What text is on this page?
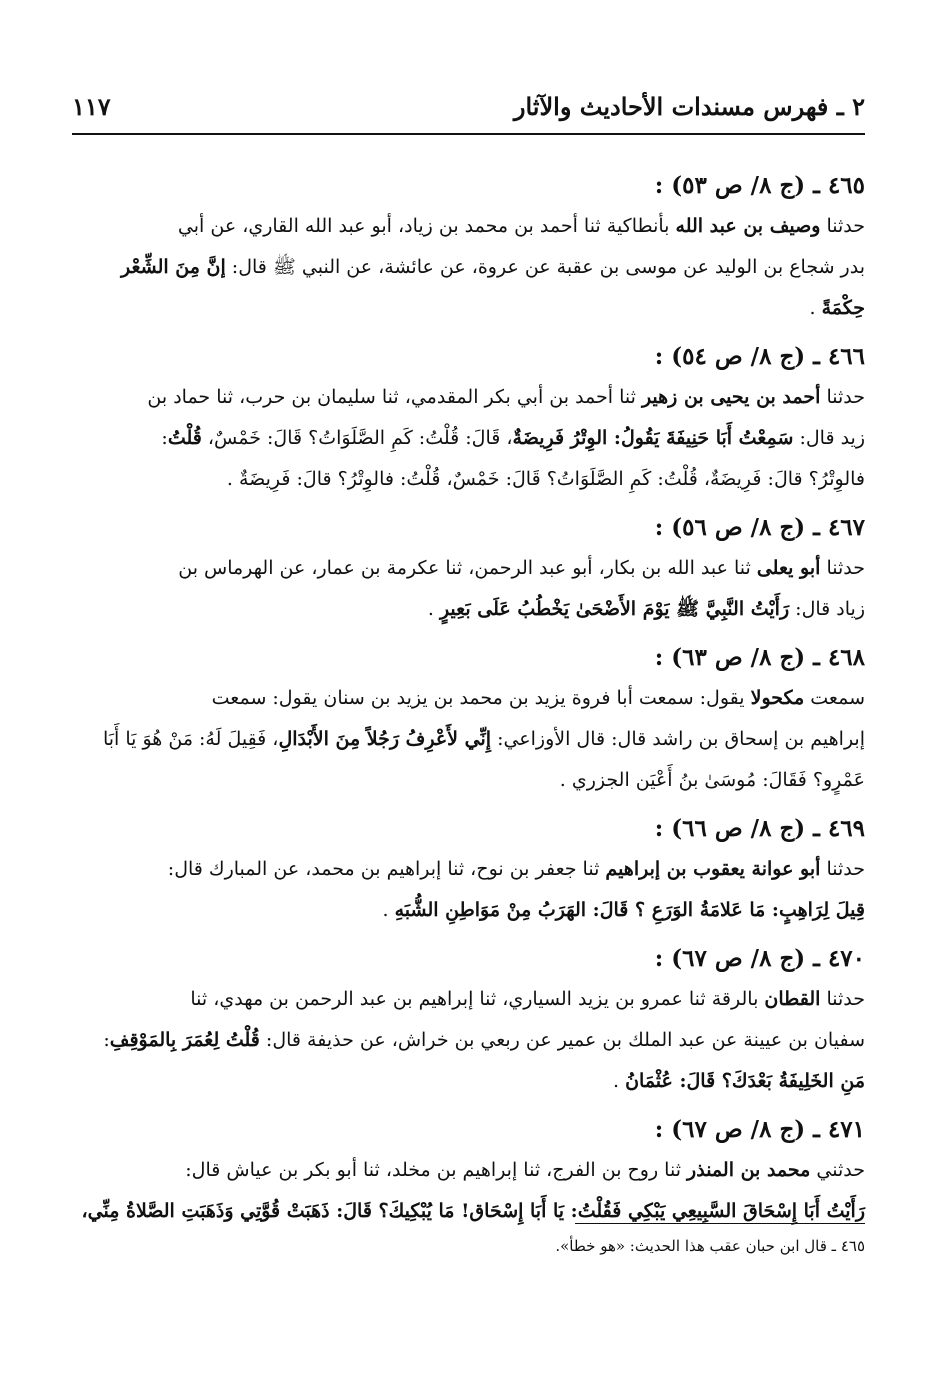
٢ ـ فهرس مسندات الأحاديث والآثار
١١٧
٤٦٥ ـ (ج ٨/ ص ٥٣) :

حدثنا وصيف بن عبد الله بأنطاكية ثنا أحمد بن محمد بن زياد، أبو عبد الله القاري، عن أبي

بدر شجاع بن الوليد عن موسى بن عقبة عن عروة، عن عائشة، عن النبي ﷺ قال: إنَّ مِنَ الشِّعْر

حِكْمَةً .

٤٦٦ ـ (ج ٨/ ص ٥٤) :

حدثنا أحمد بن يحيى بن زهير ثنا أحمد بن أبي بكر المقدمي، ثنا سليمان بن حرب، ثنا حماد بن

زيد قال: سَمِعْتُ أَبَا حَنِيفَةَ يَقُولُ: الوِتْرُ فَرِيضَةٌ، قَالَ: قُلْتُ: كَمِ الصَّلَوَاتُ؟ قَالَ: خَمْسٌ، قُلْتُ:

فالوِتْرُ؟ قالَ: فَرِيضَةٌ، قُلْتُ: كَمِ الصَّلَوَاتُ؟ قَالَ: خَمْسٌ، قُلْتُ: فالوِتْرُ؟ قالَ: فَرِيضَةٌ .

٤٦٧ ـ (ج ٨/ ص ٥٦) :

حدثنا أبو يعلى ثنا عبد الله بن بكار، أبو عبد الرحمن، ثنا عكرمة بن عمار، عن الهرماس بن

زياد قال: رَأَيْتُ النَّبِيَّ ﷺ يَوْمَ الأَضْحَىٰ يَخْطُبُ عَلَى بَعِيرٍ .

٤٦٨ ـ (ج ٨/ ص ٦٣) :

سمعت مكحولا يقول: سمعت أبا فروة يزيد بن محمد بن يزيد بن سنان يقول: سمعت

إبراهيم بن إسحاق بن راشد قال: قال الأوزاعي: إِنِّي لأَعْرِفُ رَجُلاً مِنَ الأَبْدَالِ، فَقِيلَ لَهُ: مَنْ هُوَ يَا أَبَا

عَمْرٍو؟ فَقَالَ: مُوسَىٰ بنُ أَعْيَن الجزري .

٤٦٩ ـ (ج ٨/ ص ٦٦) :

حدثنا أبو عوانة يعقوب بن إبراهيم ثنا جعفر بن نوح، ثنا إبراهيم بن محمد، عن المبارك قال:

قِيلَ لِرَاهِبٍ: مَا عَلامَةُ الوَرَعِ ؟ قَالَ: الهَرَبُ مِنْ مَوَاطِنِ الشُّبَهِ .

٤٧٠ ـ (ج ٨/ ص ٦٧) :

حدثنا القطان بالرقة ثنا عمرو بن يزيد السياري، ثنا إبراهيم بن عبد الرحمن بن مهدي، ثنا

سفيان بن عيينة عن عبد الملك بن عمير عن ربعي بن خراش، عن حذيفة قال: قُلْتُ لِعُمَرَ بِالمَوْقِفِ:

مَنِ الخَلِيفَةُ بَعْدَكَ؟ قَالَ: عُثْمَانُ .

٤٧١ ـ (ج ٨/ ص ٦٧) :

حدثني محمد بن المنذر ثنا روح بن الفرج، ثنا إبراهيم بن مخلد، ثنا أبو بكر بن عياش قال:

رَأَيْتُ أَبَا إِسْحَاقَ السَّبِيعِي يَبْكِي فَقُلْتُ: يَا أَبَا إِسْحَاق! مَا يُبْكِيكَ؟ قَالَ: ذَهَبَتْ قُوَّتِي وَذَهَبَتِ الصَّلاةُ مِنِّي،

٤٦٥ ـ قال ابن حبان عقب هذا الحديث: «هو خطأ».
